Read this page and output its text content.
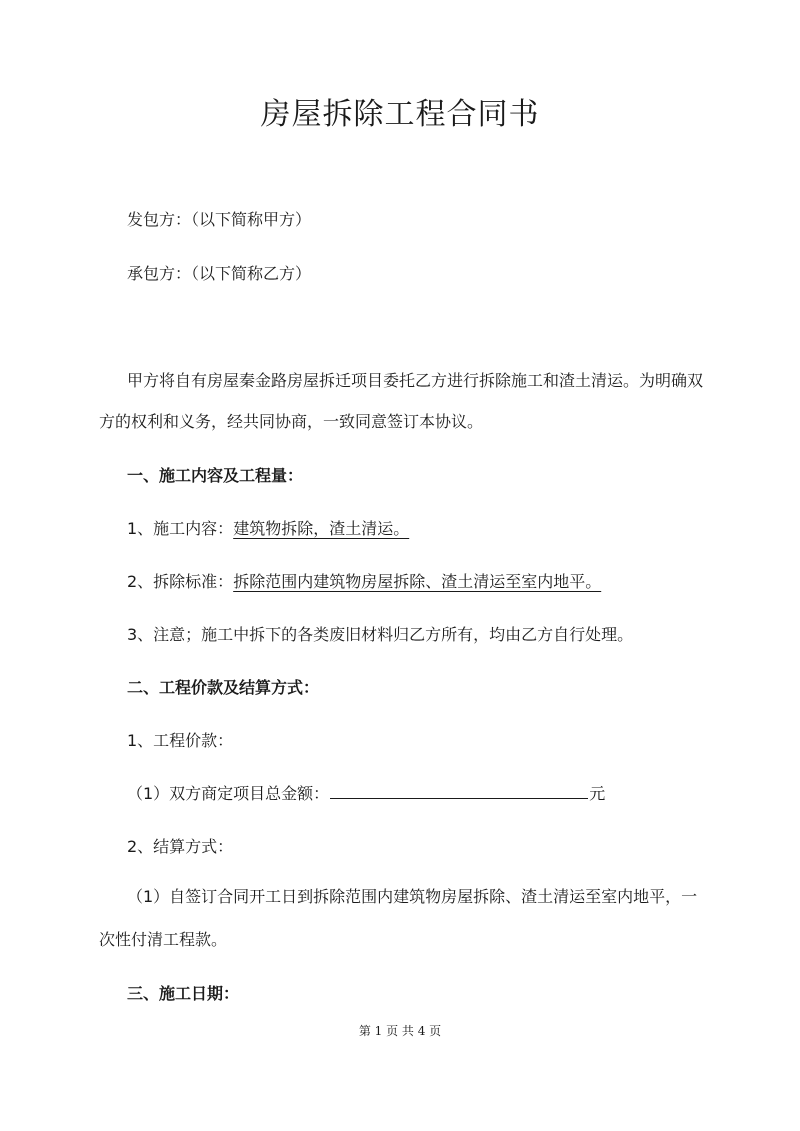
房屋拆除工程合同书
发包方：（以下简称甲方）
承包方：（以下简称乙方）
甲方将自有房屋秦金路房屋拆迁项目委托乙方进行拆除施工和渣土清运。为明确双
方的权利和义务，经共同协商，一致同意签订本协议。
一、施工内容及工程量：
1、施工内容：建筑物拆除，渣土清运。
2、拆除标准：拆除范围内建筑物房屋拆除、渣土清运至室内地平。
3、注意；施工中拆下的各类废旧材料归乙方所有，均由乙方自行处理。
二、工程价款及结算方式：
1、工程价款：
（1）双方商定项目总金额：	元
2、结算方式：
（1）自签订合同开工日到拆除范围内建筑物房屋拆除、渣土清运至室内地平，一
次性付清工程款。
三、施工日期：
第 1 页 共 4 页
